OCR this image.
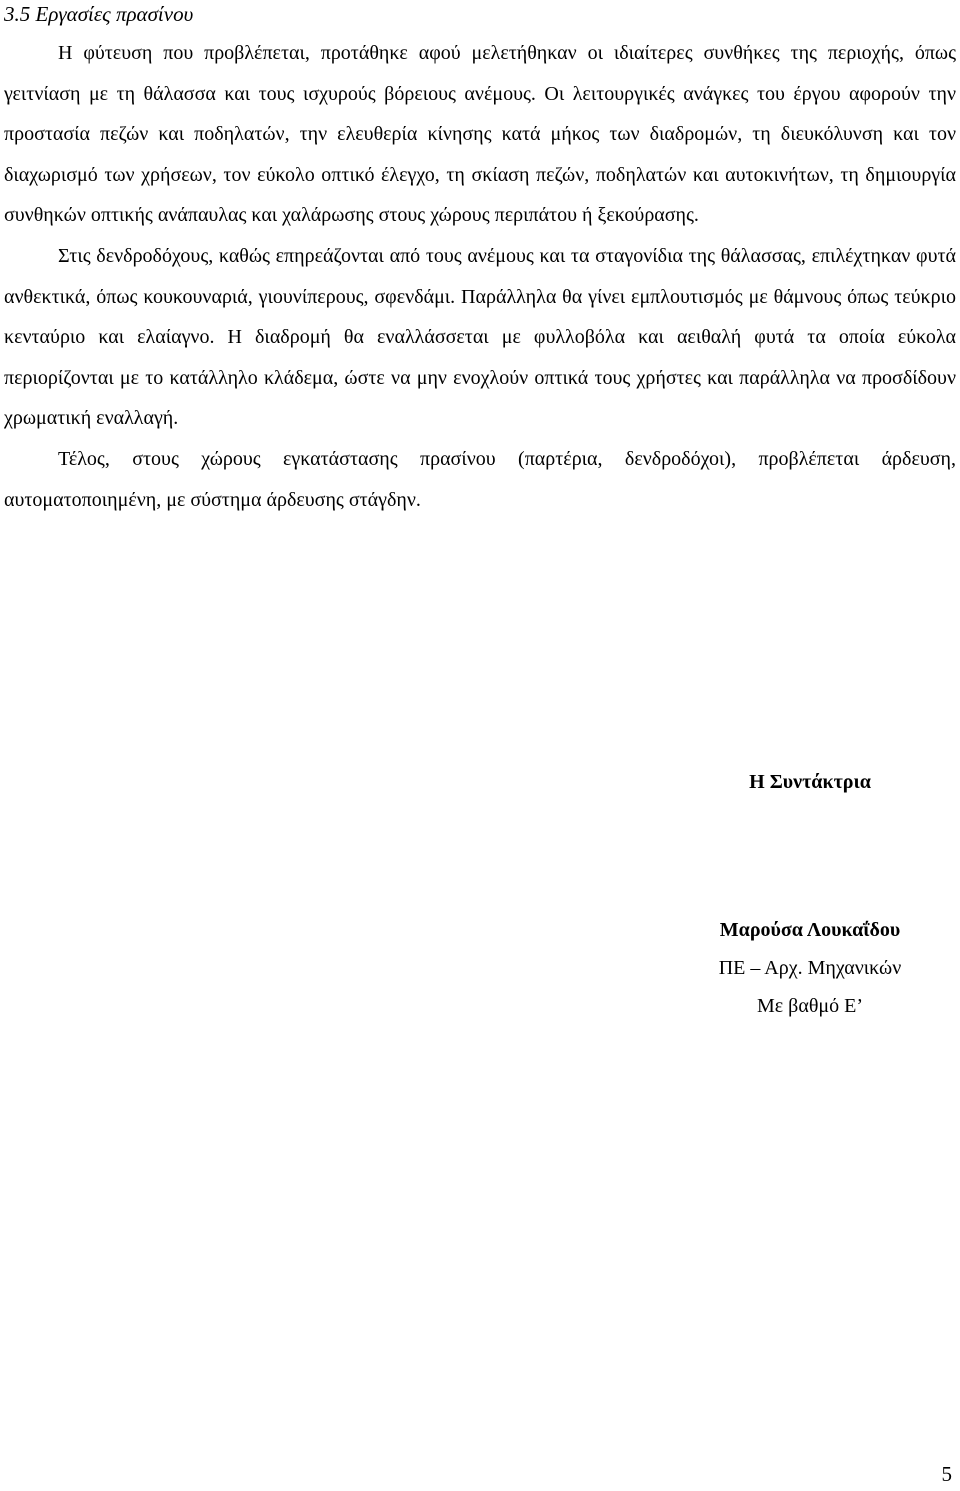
3.5 Εργασίες πρασίνου

Η φύτευση που προβλέπεται, προτάθηκε αφού μελετήθηκαν οι ιδιαίτερες συνθήκες της περιοχής, όπως γειτνίαση με τη θάλασσα και τους ισχυρούς βόρειους ανέμους. Οι λειτουργικές ανάγκες του έργου αφορούν την προστασία πεζών και ποδηλατών, την ελευθερία κίνησης κατά μήκος των διαδρομών, τη διευκόλυνση και τον διαχωρισμό των χρήσεων, τον εύκολο οπτικό έλεγχο, τη σκίαση πεζών, ποδηλατών και αυτοκινήτων, τη δημιουργία συνθηκών οπτικής ανάπαυλας και χαλάρωσης στους χώρους περιπάτου ή ξεκούρασης.

Στις δενδροδόχους, καθώς επηρεάζονται από τους ανέμους και τα σταγονίδια της θάλασσας, επιλέχτηκαν φυτά ανθεκτικά, όπως κουκουναριά, γιουνίπερους, σφενδάμι. Παράλληλα θα γίνει εμπλουτισμός με θάμνους όπως τεύκριο κενταύριο και ελαίαγνο. Η διαδρομή θα εναλλάσσεται με φυλλοβόλα και αειθαλή φυτά τα οποία εύκολα περιορίζονται με το κατάλληλο κλάδεμα, ώστε να μην ενοχλούν οπτικά τους χρήστες και παράλληλα να προσδίδουν χρωματική εναλλαγή.

Τέλος, στους χώρους εγκατάστασης πρασίνου (παρτέρια, δενδροδόχοι), προβλέπεται άρδευση, αυτοματοποιημένη, με σύστημα άρδευσης στάγδην.

Η Συντάκτρια
Μαρούσα Λουκαΐδου
ΠΕ – Αρχ. Μηχανικών
Με βαθμό Ε’
5
